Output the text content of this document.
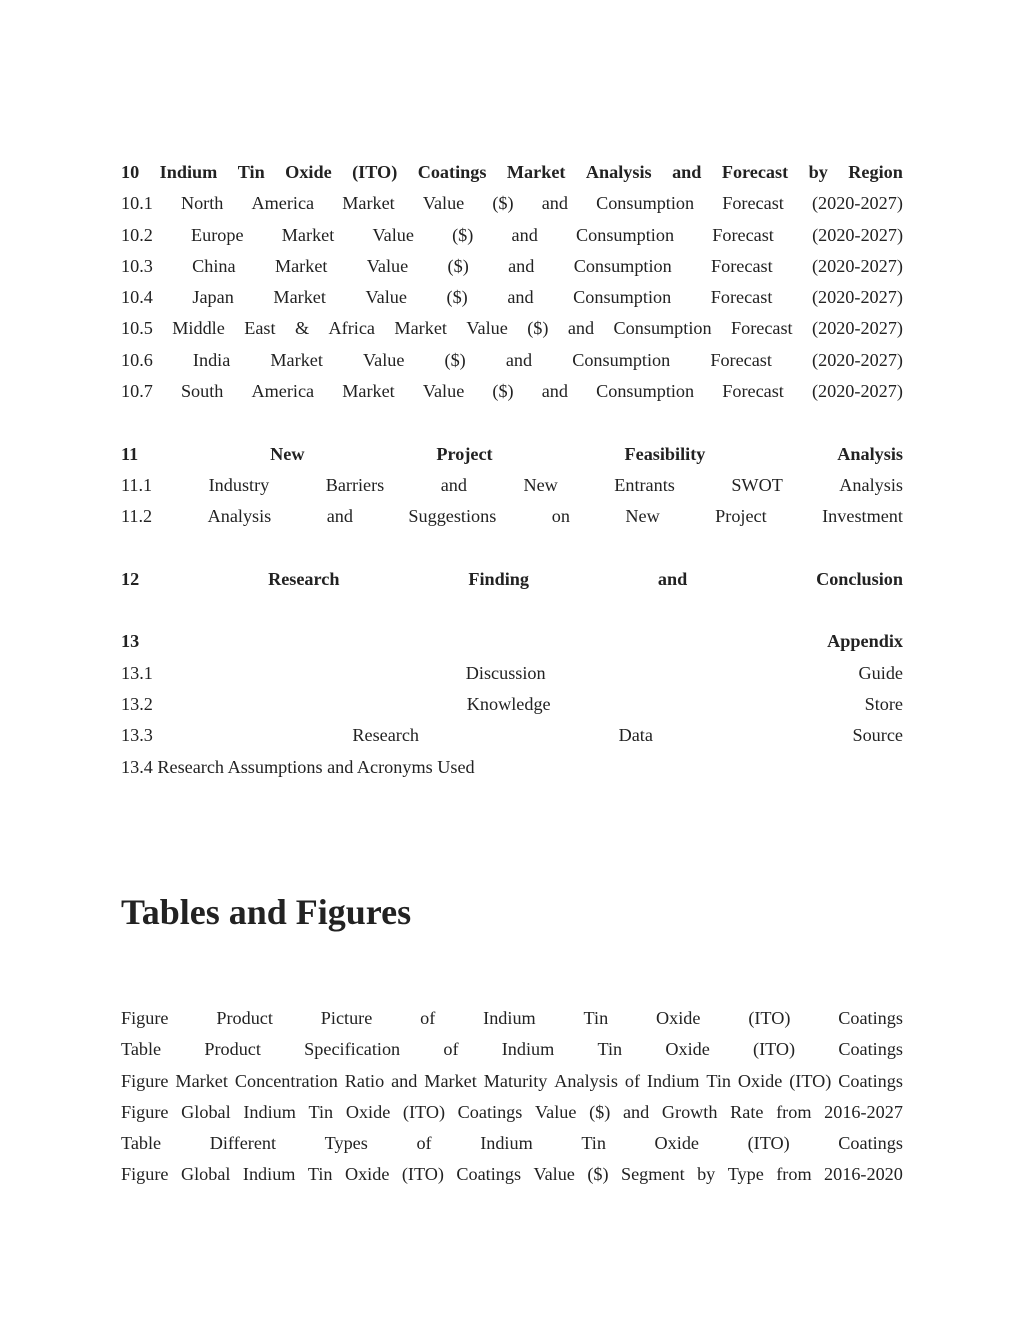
10 Indium Tin Oxide (ITO) Coatings Market Analysis and Forecast by Region
10.1 North America Market Value ($) and Consumption Forecast (2020-2027)
10.2 Europe Market Value ($) and Consumption Forecast (2020-2027)
10.3 China Market Value ($) and Consumption Forecast (2020-2027)
10.4 Japan Market Value ($) and Consumption Forecast (2020-2027)
10.5 Middle East & Africa Market Value ($) and Consumption Forecast (2020-2027)
10.6 India Market Value ($) and Consumption Forecast (2020-2027)
10.7 South America Market Value ($) and Consumption Forecast (2020-2027)
11	New	Project	Feasibility	Analysis
11.1	Industry	Barriers	and	New	Entrants	SWOT	Analysis
11.2	Analysis	and	Suggestions	on	New	Project	Investment
12	Research	Finding	and	Conclusion
13	Appendix
13.1	Discussion	Guide
13.2	Knowledge	Store
13.3	Research	Data	Source
13.4 Research Assumptions and Acronyms Used
Tables and Figures
Figure	Product	Picture	of	Indium	Tin	Oxide	(ITO)	Coatings
Table Product Specification of Indium Tin Oxide (ITO) Coatings
Figure Market Concentration Ratio and Market Maturity Analysis of Indium Tin Oxide (ITO) Coatings
Figure Global Indium Tin Oxide (ITO) Coatings Value ($) and Growth Rate from 2016-2027
Table	Different	Types	of	Indium	Tin	Oxide	(ITO)	Coatings
Figure Global Indium Tin Oxide (ITO) Coatings Value ($) Segment by Type from 2016-2020
